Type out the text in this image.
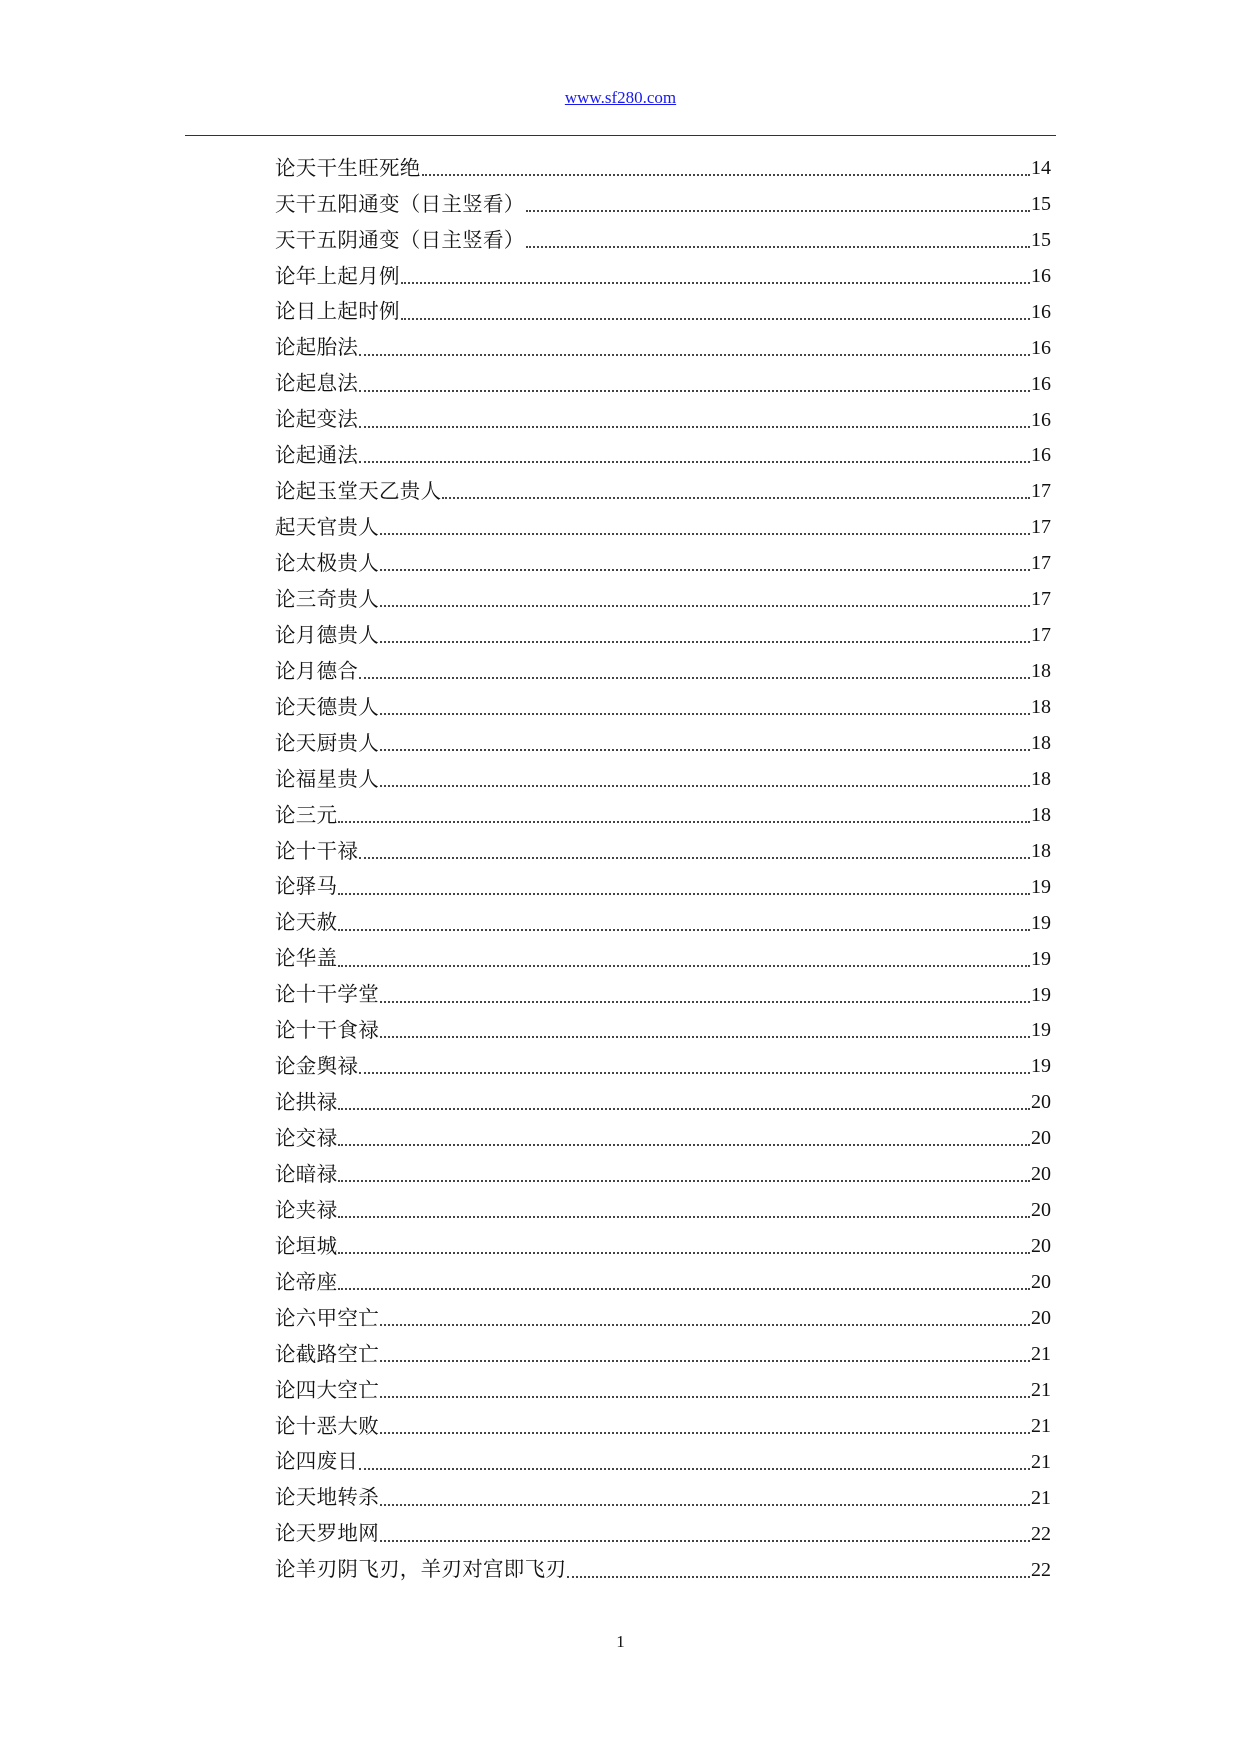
www.sf280.com
论天干生旺死绝	14
天干五阳通变（日主竖看）	15
天干五阴通变（日主竖看）	15
论年上起月例	16
论日上起时例	16
论起胎法	16
论起息法	16
论起变法	16
论起通法	16
论起玉堂天乙贵人	17
起天官贵人	17
论太极贵人	17
论三奇贵人	17
论月德贵人	17
论月德合	18
论天德贵人	18
论天厨贵人	18
论福星贵人	18
论三元	18
论十干禄	18
论驿马	19
论天赦	19
论华盖	19
论十干学堂	19
论十干食禄	19
论金舆禄	19
论拱禄	20
论交禄	20
论暗禄	20
论夹禄	20
论垣城	20
论帝座	20
论六甲空亡	20
论截路空亡	21
论四大空亡	21
论十恶大败	21
论四废日	21
论天地转杀	21
论天罗地网	22
论羊刃阴飞刃，羊刃对宫即飞刃	22
1
